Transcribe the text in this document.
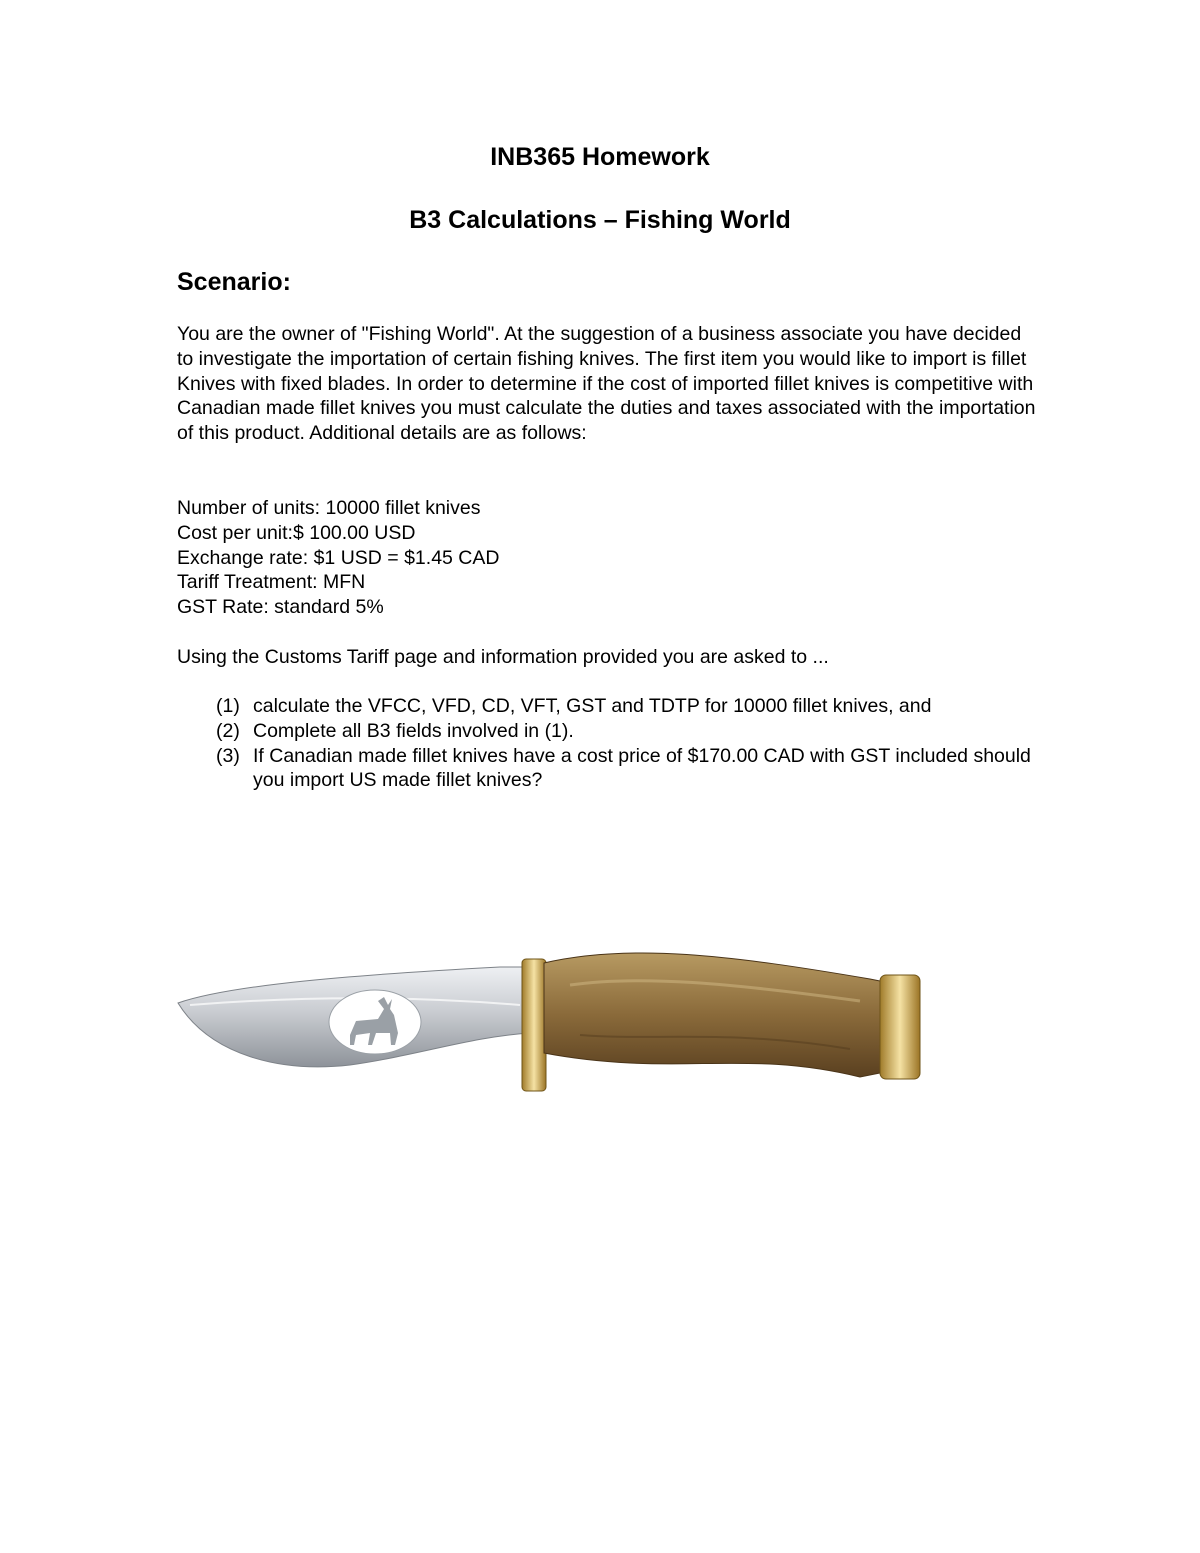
INB365 Homework
B3 Calculations – Fishing World
Scenario:

You are the owner of "Fishing World". At the suggestion of a business associate you have decided to investigate the importation of certain fishing knives. The first item you would like to import is fillet Knives with fixed blades. In order to determine if the cost of imported fillet knives is competitive with Canadian made fillet knives you must calculate the duties and taxes associated with the importation of this product. Additional details are as follows:

Number of units: 10000 fillet knives
Cost per unit:$ 100.00 USD
Exchange rate: $1 USD = $1.45 CAD
Tariff Treatment: MFN
GST Rate: standard 5%

Using the Customs Tariff page and information provided you are asked to ...

(1) calculate the VFCC, VFD, CD, VFT, GST and TDTP for 10000 fillet knives, and
(2) Complete all B3 fields involved in (1).
(3) If Canadian made fillet knives have a cost price of $170.00 CAD with GST included should you import US made fillet knives?
